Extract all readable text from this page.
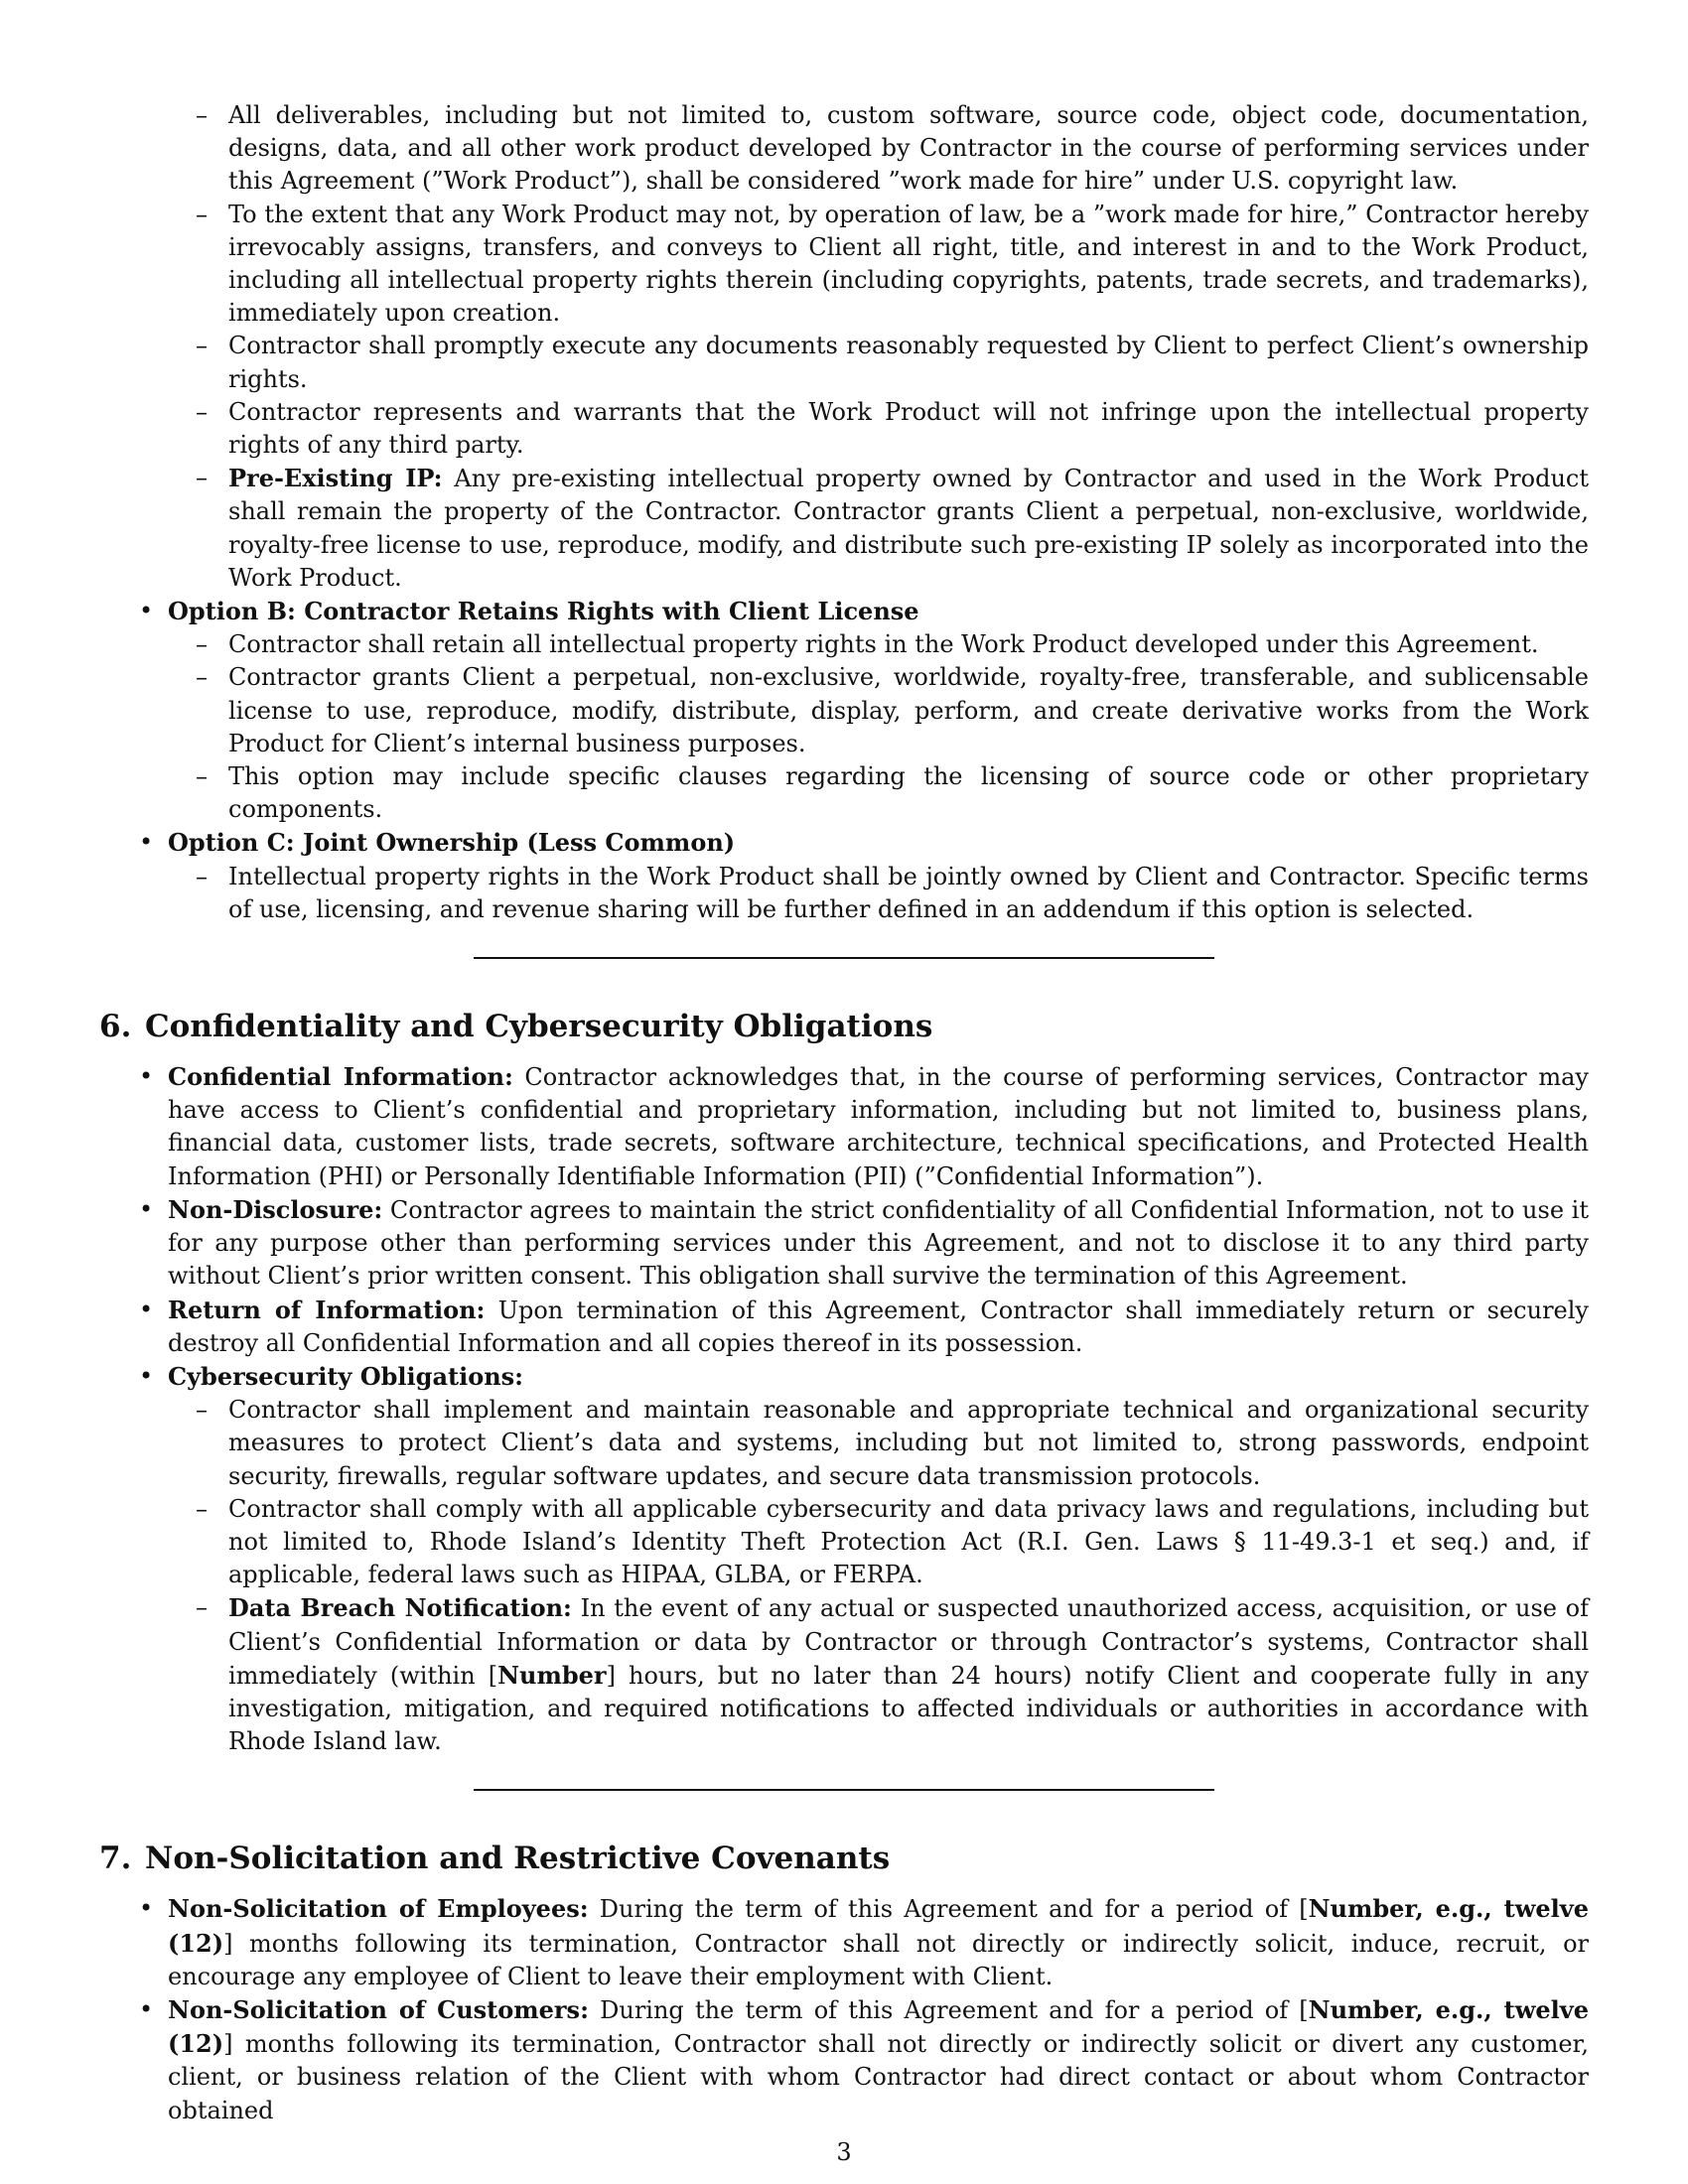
– All deliverables, including but not limited to, custom software, source code, object code, documentation, designs, data, and all other work product developed by Contractor in the course of performing services under this Agreement (”Work Product”), shall be considered ”work made for hire” under U.S. copyright law.
– To the extent that any Work Product may not, by operation of law, be a ”work made for hire,” Contractor hereby irrevocably assigns, transfers, and conveys to Client all right, title, and interest in and to the Work Product, including all intellectual property rights therein (including copyrights, patents, trade secrets, and trademarks), immediately upon creation.
– Contractor shall promptly execute any documents reasonably requested by Client to perfect Client’s ownership rights.
– Contractor represents and warrants that the Work Product will not infringe upon the intellectual property rights of any third party.
– Pre-Existing IP: Any pre-existing intellectual property owned by Contractor and used in the Work Product shall remain the property of the Contractor. Contractor grants Client a perpetual, non-exclusive, worldwide, royalty-free license to use, reproduce, modify, and distribute such pre-existing IP solely as incorporated into the Work Product.
• Option B: Contractor Retains Rights with Client License
– Contractor shall retain all intellectual property rights in the Work Product developed under this Agreement.
– Contractor grants Client a perpetual, non-exclusive, worldwide, royalty-free, transferable, and sublicensable license to use, reproduce, modify, distribute, display, perform, and create derivative works from the Work Product for Client’s internal business purposes.
– This option may include specific clauses regarding the licensing of source code or other proprietary components.
• Option C: Joint Ownership (Less Common)
– Intellectual property rights in the Work Product shall be jointly owned by Client and Contractor. Specific terms of use, licensing, and revenue sharing will be further defined in an addendum if this option is selected.
6. Confidentiality and Cybersecurity Obligations
• Confidential Information: Contractor acknowledges that, in the course of performing services, Contractor may have access to Client’s confidential and proprietary information, including but not limited to, business plans, financial data, customer lists, trade secrets, software architecture, technical specifications, and Protected Health Information (PHI) or Personally Identifiable Information (PII) (”Confidential Information”).
• Non-Disclosure: Contractor agrees to maintain the strict confidentiality of all Confidential Information, not to use it for any purpose other than performing services under this Agreement, and not to disclose it to any third party without Client’s prior written consent. This obligation shall survive the termination of this Agreement.
• Return of Information: Upon termination of this Agreement, Contractor shall immediately return or securely destroy all Confidential Information and all copies thereof in its possession.
• Cybersecurity Obligations:
– Contractor shall implement and maintain reasonable and appropriate technical and organizational security measures to protect Client’s data and systems, including but not limited to, strong passwords, endpoint security, firewalls, regular software updates, and secure data transmission protocols.
– Contractor shall comply with all applicable cybersecurity and data privacy laws and regulations, including but not limited to, Rhode Island’s Identity Theft Protection Act (R.I. Gen. Laws § 11-49.3-1 et seq.) and, if applicable, federal laws such as HIPAA, GLBA, or FERPA.
– Data Breach Notification: In the event of any actual or suspected unauthorized access, acquisition, or use of Client’s Confidential Information or data by Contractor or through Contractor’s systems, Contractor shall immediately (within [Number] hours, but no later than 24 hours) notify Client and cooperate fully in any investigation, mitigation, and required notifications to affected individuals or authorities in accordance with Rhode Island law.
7. Non-Solicitation and Restrictive Covenants
• Non-Solicitation of Employees: During the term of this Agreement and for a period of [Number, e.g., twelve (12)] months following its termination, Contractor shall not directly or indirectly solicit, induce, recruit, or encourage any employee of Client to leave their employment with Client.
• Non-Solicitation of Customers: During the term of this Agreement and for a period of [Number, e.g., twelve (12)] months following its termination, Contractor shall not directly or indirectly solicit or divert any customer, client, or business relation of the Client with whom Contractor had direct contact or about whom Contractor obtained
3
